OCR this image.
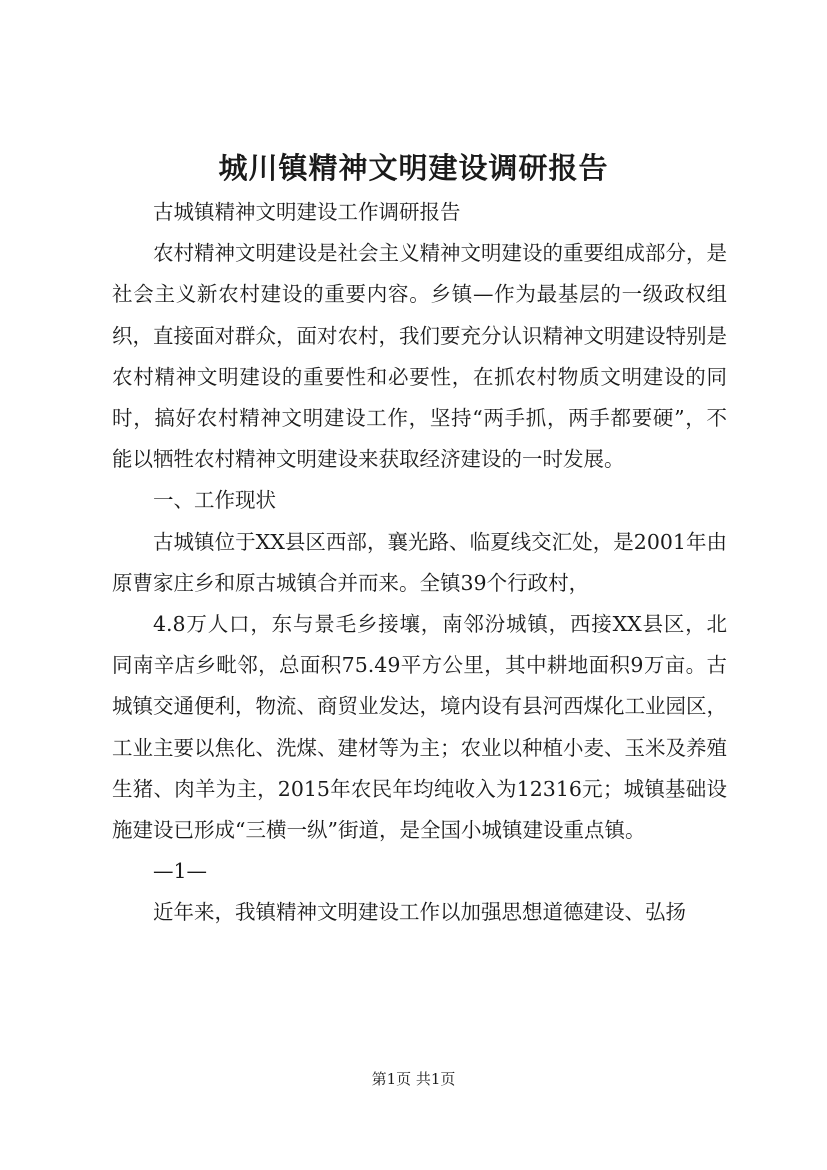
城川镇精神文明建设调研报告

古城镇精神文明建设工作调研报告

农村精神文明建设是社会主义精神文明建设的重要组成部分，是社会主义新农村建设的重要内容。乡镇—作为最基层的一级政权组织，直接面对群众，面对农村，我们要充分认识精神文明建设特别是农村精神文明建设的重要性和必要性，在抓农村物质文明建设的同时，搞好农村精神文明建设工作，坚持“两手抓，两手都要硬”，不能以牺牲农村精神文明建设来获取经济建设的一时发展。

一、工作现状

古城镇位于XX县区西部，襄光路、临夏线交汇处，是2001年由原曹家庄乡和原古城镇合并而来。全镇39个行政村，

4.8万人口，东与景毛乡接壤，南邻汾城镇，西接XX县区，北同南辛店乡毗邻，总面积75.49平方公里，其中耕地面积9万亩。古城镇交通便利，物流、商贸业发达，境内设有县河西煤化工业园区，工业主要以焦化、洗煤、建材等为主；农业以种植小麦、玉米及养殖生猪、肉羊为主，2015年农民年均纯收入为12316元；城镇基础设施建设已形成“三横一纵”街道，是全国小城镇建设重点镇。

—1—

近年来，我镇精神文明建设工作以加强思想道德建设、弘扬

第1页 共1页
